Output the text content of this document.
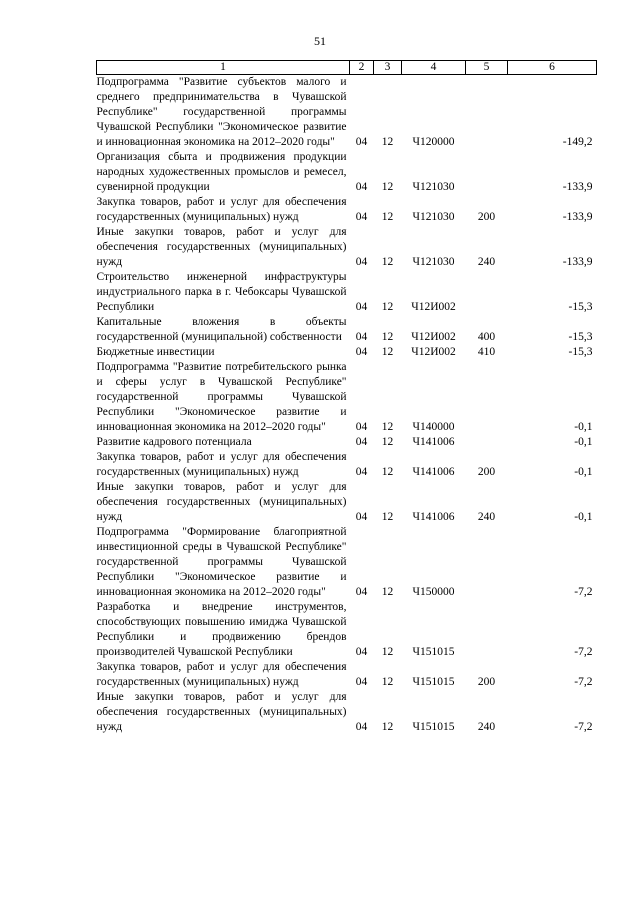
51
1	2	3	4	5	6
Подпрограмма "Развитие субъектов малого и среднего предпринимательства в Чувашской Республике" государственной программы Чувашской Республики "Экономическое развитие и инновационная экономика на 2012–2020 годы"	04	12	Ч120000		-149,2
Организация сбыта и продвижения продукции народных художественных промыслов и ремесел, сувенирной продукции	04	12	Ч121030		-133,9
Закупка товаров, работ и услуг для обеспечения государственных (муниципальных) нужд	04	12	Ч121030	200	-133,9
Иные закупки товаров, работ и услуг для обеспечения государственных (муниципальных) нужд	04	12	Ч121030	240	-133,9
Строительство инженерной инфраструктуры индустриального парка в г. Чебоксары Чувашской Республики	04	12	Ч12И002		-15,3
Капитальные вложения в объекты государственной (муниципальной) собственности	04	12	Ч12И002	400	-15,3
Бюджетные инвестиции	04	12	Ч12И002	410	-15,3
Подпрограмма "Развитие потребительского рынка и сферы услуг в Чувашской Республике" государственной программы Чувашской Республики "Экономическое развитие и инновационная экономика на 2012–2020 годы"	04	12	Ч140000		-0,1
Развитие кадрового потенциала	04	12	Ч141006		-0,1
Закупка товаров, работ и услуг для обеспечения государственных (муниципальных) нужд	04	12	Ч141006	200	-0,1
Иные закупки товаров, работ и услуг для обеспечения государственных (муниципальных) нужд	04	12	Ч141006	240	-0,1
Подпрограмма "Формирование благоприятной инвестиционной среды в Чувашской Республике" государственной программы Чувашской Республики "Экономическое развитие и инновационная экономика на 2012–2020 годы"	04	12	Ч150000		-7,2
Разработка и внедрение инструментов, способствующих повышению имиджа Чувашской Республики и продвижению брендов производителей Чувашской Республики	04	12	Ч151015		-7,2
Закупка товаров, работ и услуг для обеспечения государственных (муниципальных) нужд	04	12	Ч151015	200	-7,2
Иные закупки товаров, работ и услуг для обеспечения государственных (муниципальных) нужд	04	12	Ч151015	240	-7,2
